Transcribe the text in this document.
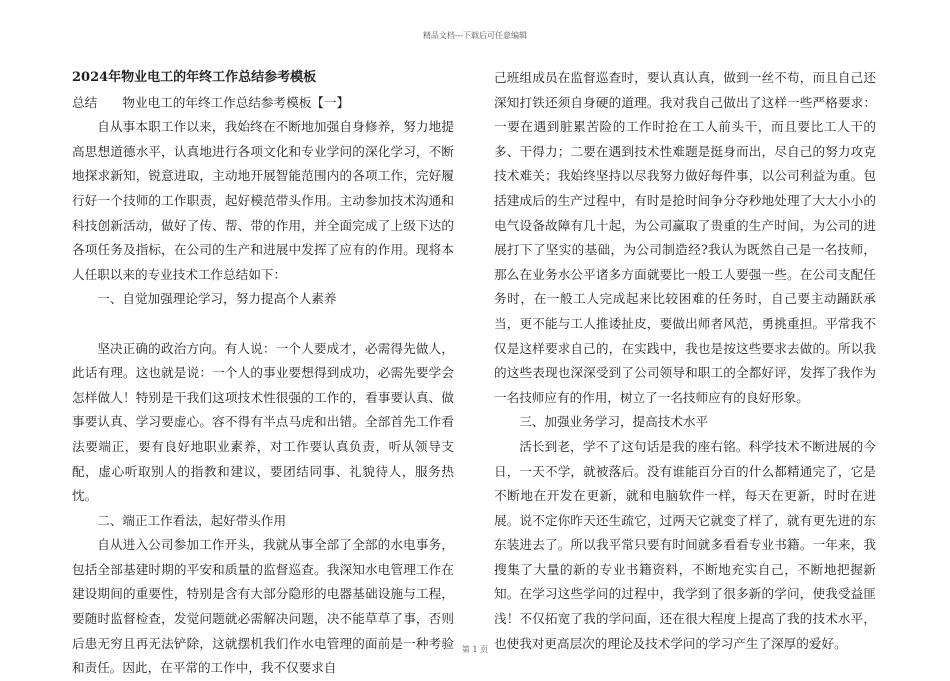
精品文档---下载后可任意编辑

2024年物业电工的年终工作总结参考模板

总结　　物业电工的年终工作总结参考模板【一】

自从事本职工作以来，我始终在不断地加强自身修养，努力地提高思想道德水平，认真地进行各项文化和专业学问的深化学习，不断地探求新知，锐意进取，主动地开展智能范围内的各项工作，完好履行好一个技师的工作职责，起好模范带头作用。主动参加技术沟通和科技创新活动，做好了传、帮、带的作用，并全面完成了上级下达的各项任务及指标，在公司的生产和进展中发挥了应有的作用。现将本人任职以来的专业技术工作总结如下：

一、自觉加强理论学习，努力提高个人素养

坚决正确的政治方向。有人说：一个人要成才，必需得先做人，此话有理。这也就是说：一个人的事业要想得到成功，必需先要学会怎样做人！特别是干我们这项技术性很强的工作的，看事要认真、做事要认真、学习要虚心。容不得有半点马虎和出错。全部首先工作看法要端正，要有良好地职业素养，对工作要认真负责，听从领导支配，虚心听取别人的指教和建议，要团结同事、礼貌待人，服务热忱。

二、端正工作看法，起好带头作用

自从进入公司参加工作开头，我就从事全部了全部的水电事务，包括全部基建时期的平安和质量的监督巡查。我深知水电管理工作在建设期间的重要性，特别是含有大部分隐形的电器基础设施与工程，要随时监督检查，发觉问题就必需解决问题，决不能草草了事，否则后患无穷且再无法铲除，这就摆机我们作水电管理的面前是一种考验和责任。因此，在平常的工作中，我不仅要求自

己班组成员在监督巡查时，要认真认真，做到一丝不苟，而且自己还深知打铁还须自身硬的道理。我对我自己做出了这样一些严格要求：一要在遇到脏累苦险的工作时抢在工人前头干，而且要比工人干的多、干得力；二要在遇到技术性难题是挺身而出，尽自己的努力攻克技术难关；我始终坚持以尽我努力做好每件事，以公司利益为重。包括建成后的生产过程中，有时是抢时间争分夺秒地处理了大大小小的电气设备故障有几十起，为公司赢取了贵重的生产时间，为公司的进展打下了坚实的基础，为公司制造经?我认为既然自己是一名技师，那么在业务水公平诸多方面就要比一般工人要强一些。在公司支配任务时，在一般工人完成起来比较困难的任务时，自己要主动踊跃承当，更不能与工人推诿扯皮，要做出师者风范，勇挑重担。平常我不仅是这样要求自己的，在实践中，我也是按这些要求去做的。所以我的这些表现也深深受到了公司领导和职工的全都好评，发挥了我作为一名技师应有的作用，树立了一名技师应有的良好形象。

三、加强业务学习，提高技术水平

活长到老，学不了这句话是我的座右铭。科学技术不断进展的今日，一天不学，就被落后。没有谁能百分百的什么都精通完了，它是不断地在开发在更新，就和电脑软件一样，每天在更新，时时在进展。说不定你昨天还生疏它，过两天它就变了样了，就有更先进的东东装进去了。所以我平常只要有时间就多看看专业书籍。一年来，我搜集了大量的新的专业书籍资料，不断地充实自己，不断地把握新知。在学习这些学问的过程中，我学到了很多新的学问，使我受益匪浅！不仅拓宽了我的学问面，还在很大程度上提高了我的技术水平，也使我对更高层次的理论及技术学问的学习产生了深厚的爱好。

第 1 页
